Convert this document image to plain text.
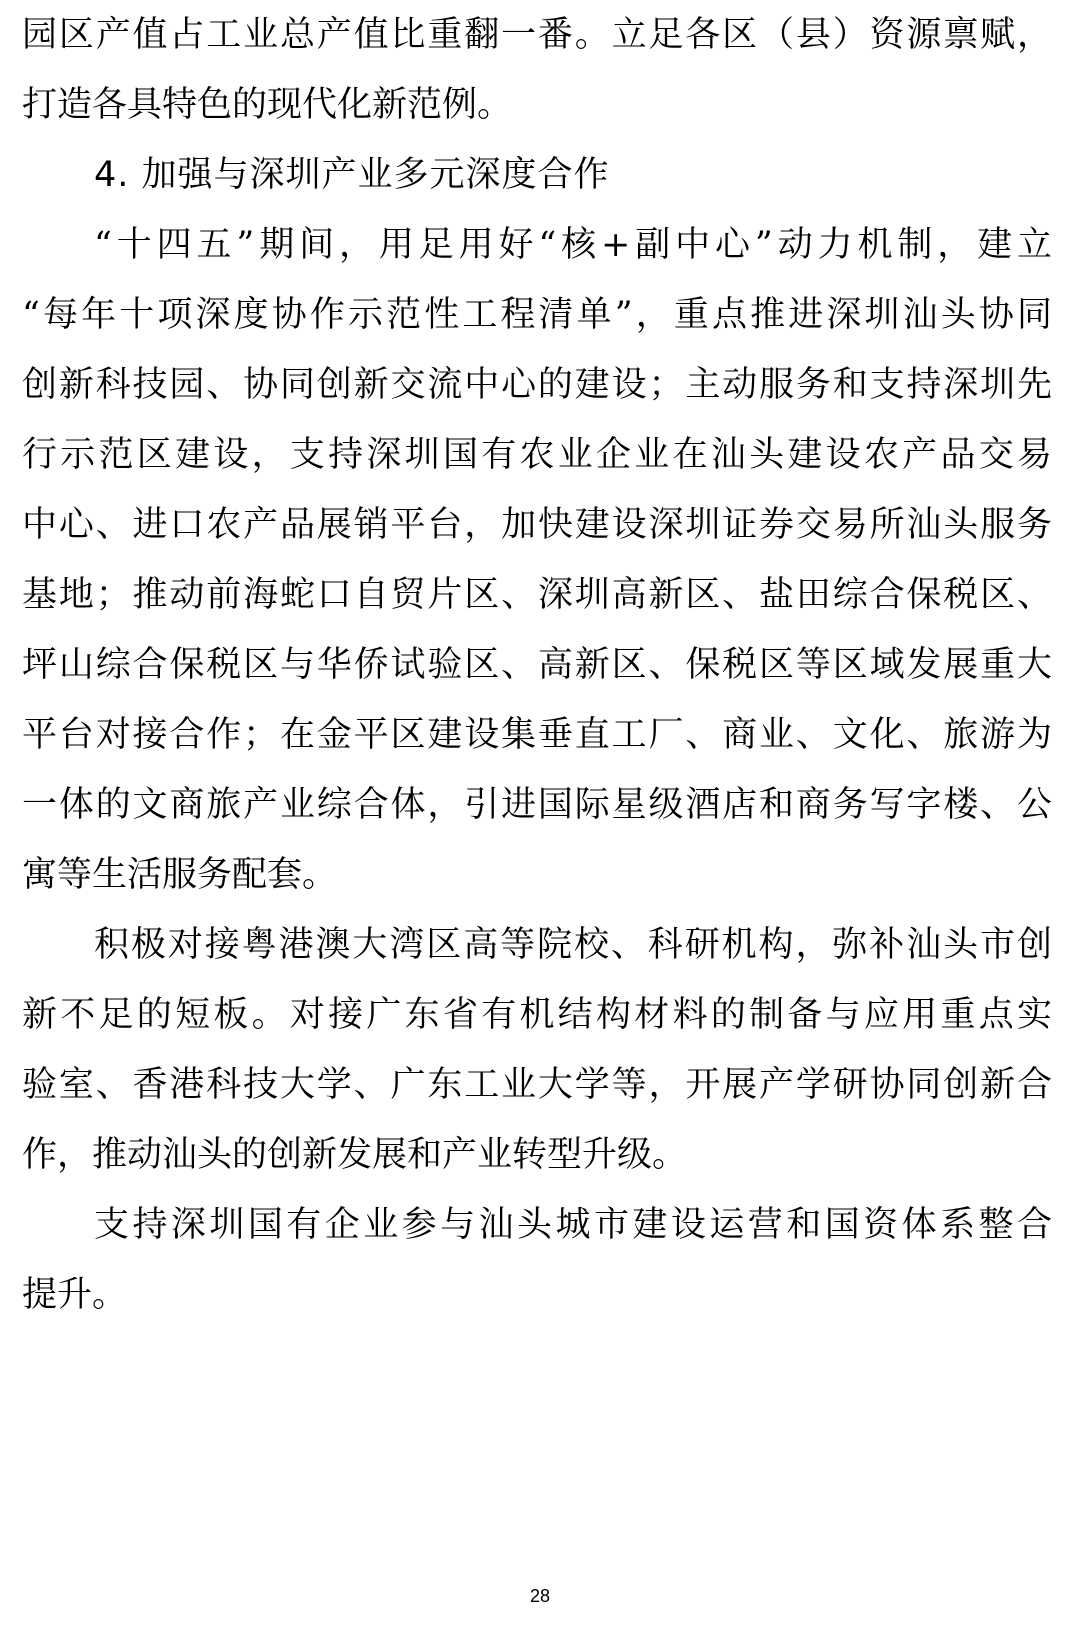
园区产值占工业总产值比重翻一番。立足各区（县）资源禀赋，
打造各具特色的现代化新范例。
4. 加强与深圳产业多元深度合作
“十四五”期间，用足用好“核+副中心”动力机制，建立
“每年十项深度协作示范性工程清单”，重点推进深圳汕头协同
创新科技园、协同创新交流中心的建设；主动服务和支持深圳先
行示范区建设，支持深圳国有农业企业在汕头建设农产品交易
中心、进口农产品展销平台，加快建设深圳证券交易所汕头服务
基地；推动前海蛇口自贸片区、深圳高新区、盐田综合保税区、
坪山综合保税区与华侨试验区、高新区、保税区等区域发展重大
平台对接合作；在金平区建设集垂直工厂、商业、文化、旅游为
一体的文商旅产业综合体，引进国际星级酒店和商务写字楼、公
寓等生活服务配套。
积极对接粤港澳大湾区高等院校、科研机构，弥补汕头市创
新不足的短板。对接广东省有机结构材料的制备与应用重点实
验室、香港科技大学、广东工业大学等，开展产学研协同创新合
作，推动汕头的创新发展和产业转型升级。
支持深圳国有企业参与汕头城市建设运营和国资体系整合
提升。
28
